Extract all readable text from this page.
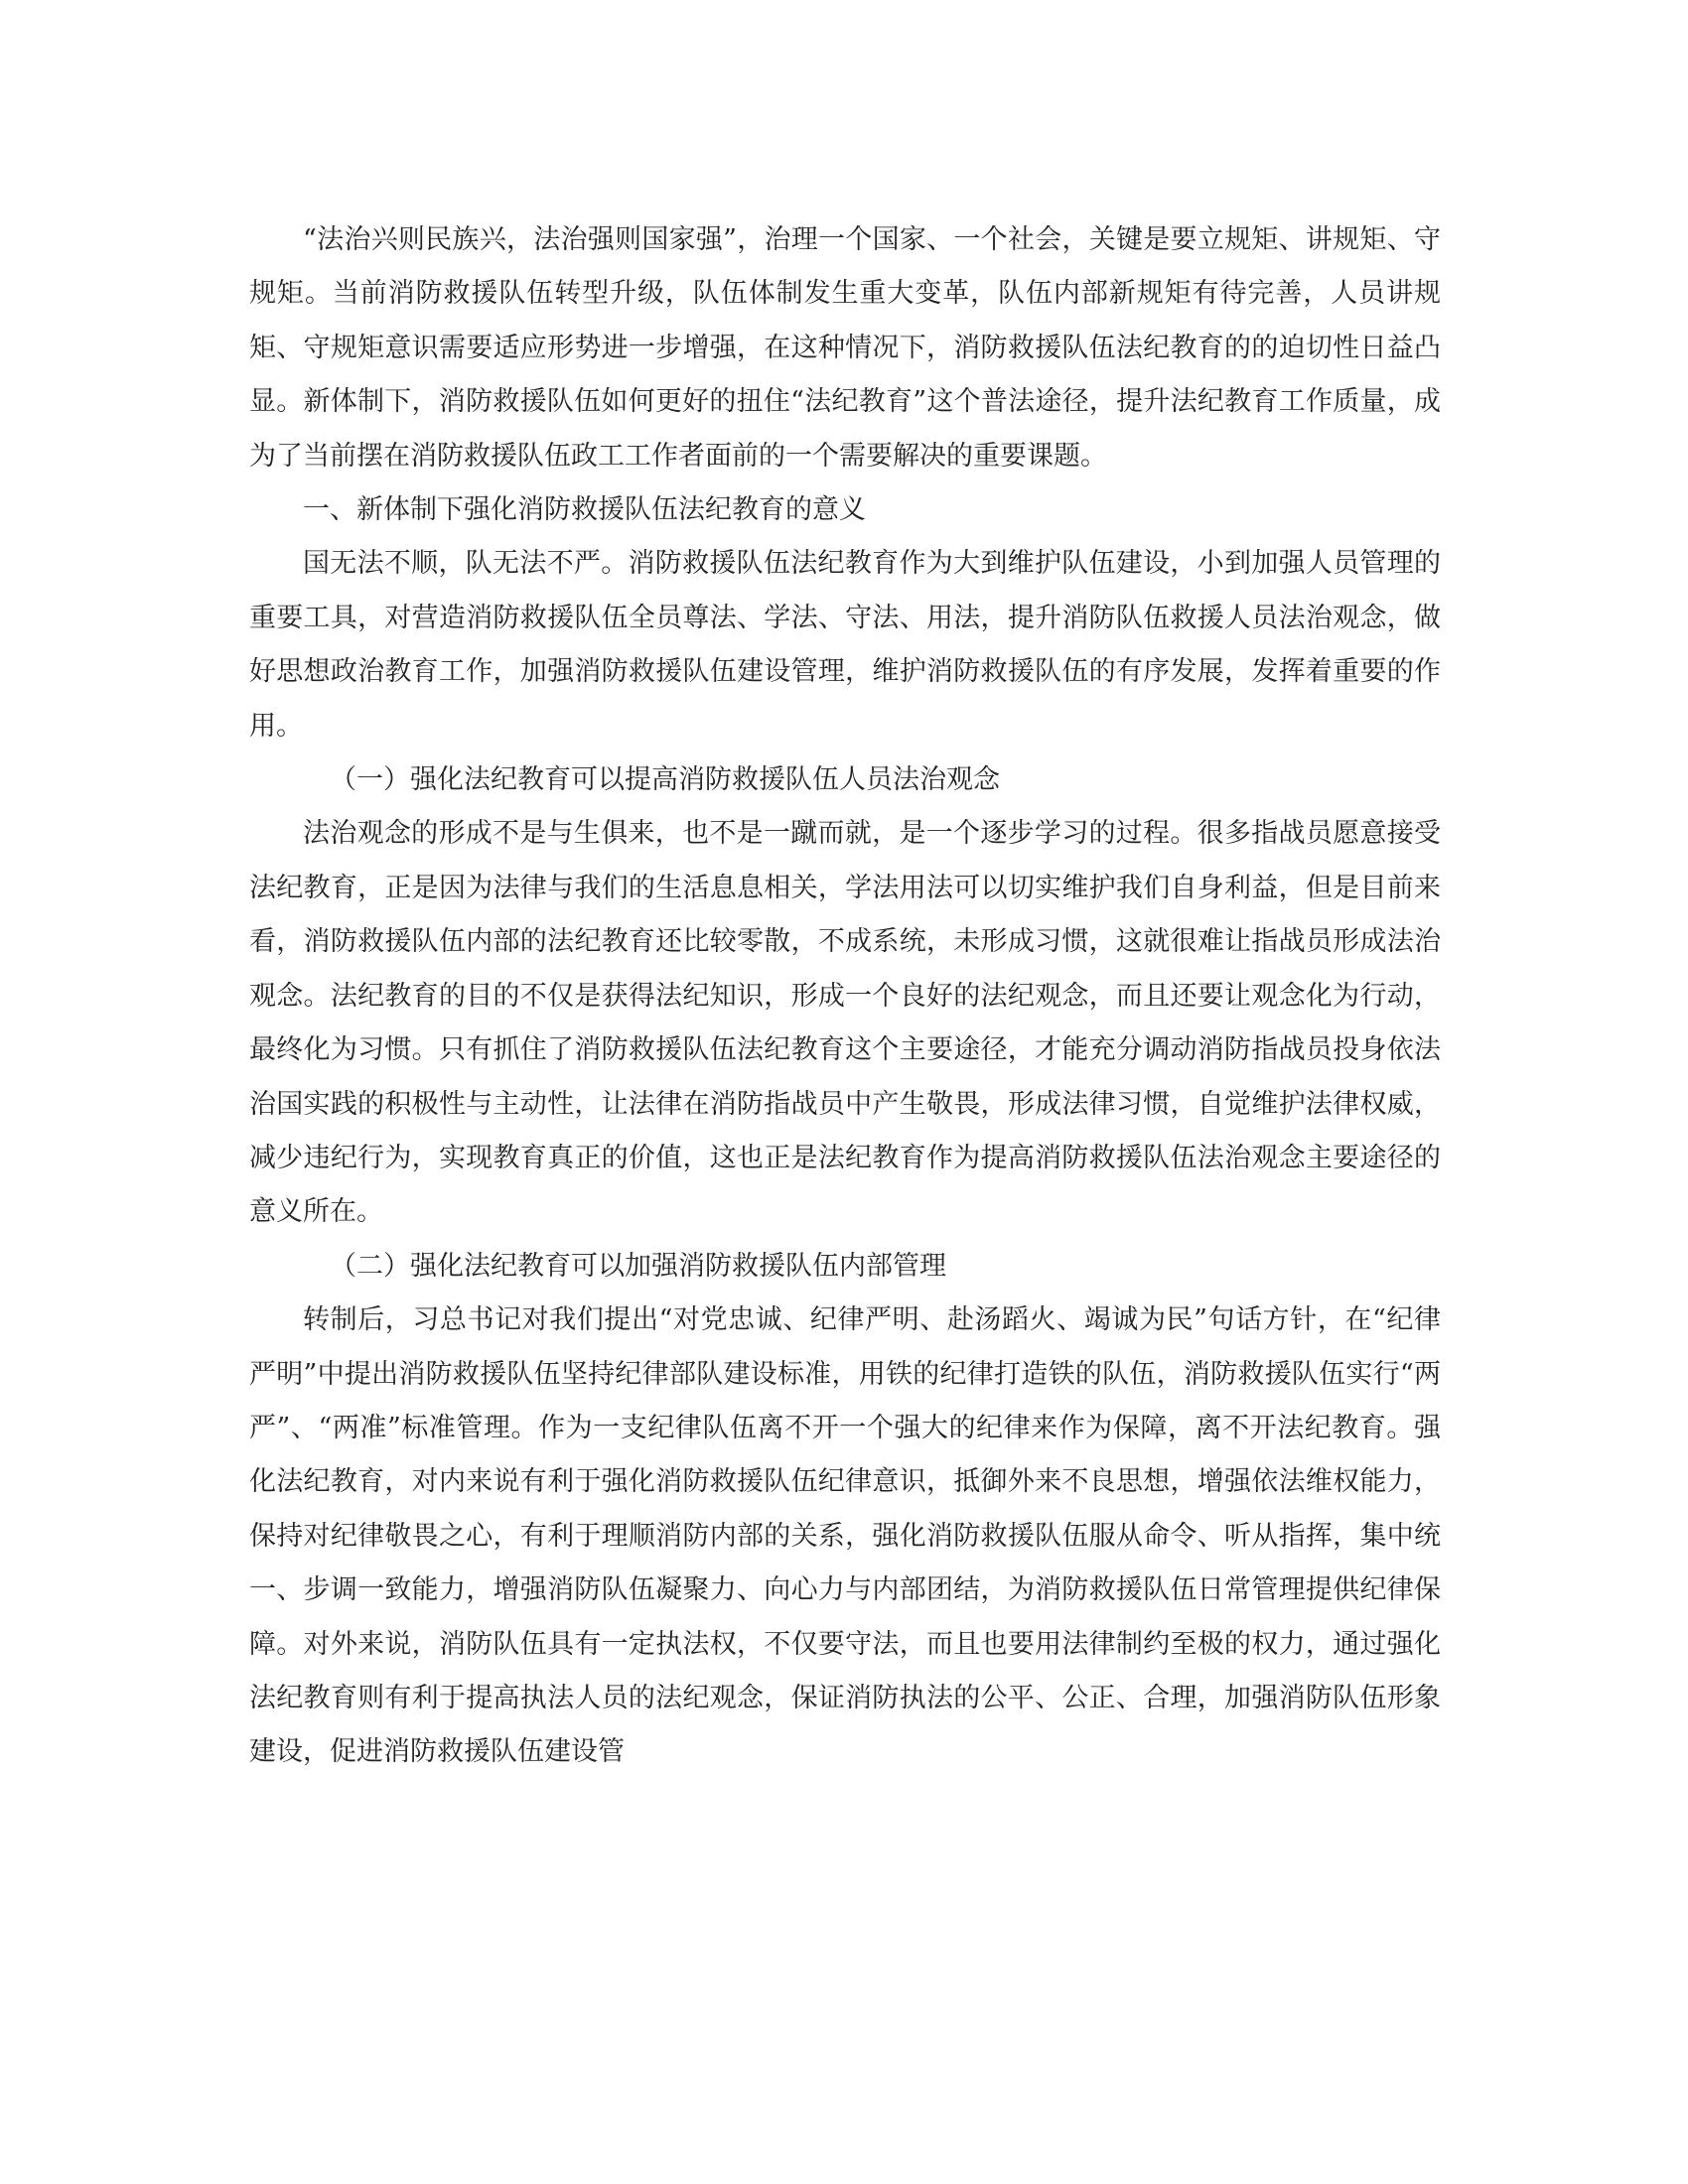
“法治兴则民族兴，法治强则国家强”，治理一个国家、一个社会，关键是要立规矩、讲规矩、守规矩。当前消防救援队伍转型升级，队伍体制发生重大变革，队伍内部新规矩有待完善，人员讲规矩、守规矩意识需要适应形势进一步增强，在这种情况下，消防救援队伍法纪教育的的迫切性日益凸显。新体制下，消防救援队伍如何更好的扭住“法纪教育”这个普法途径，提升法纪教育工作质量，成为了当前摆在消防救援队伍政工工作者面前的一个需要解决的重要课题。

一、新体制下强化消防救援队伍法纪教育的意义

国无法不顺，队无法不严。消防救援队伍法纪教育作为大到维护队伍建设，小到加强人员管理的重要工具，对营造消防救援队伍全员尊法、学法、守法、用法，提升消防队伍救援人员法治观念，做好思想政治教育工作，加强消防救援队伍建设管理，维护消防救援队伍的有序发展，发挥着重要的作用。

（一）强化法纪教育可以提高消防救援队伍人员法治观念

法治观念的形成不是与生俱来，也不是一蹴而就，是一个逐步学习的过程。很多指战员愿意接受法纪教育，正是因为法律与我们的生活息息相关，学法用法可以切实维护我们自身利益，但是目前来看，消防救援队伍内部的法纪教育还比较零散，不成系统，未形成习惯，这就很难让指战员形成法治观念。法纪教育的目的不仅是获得法纪知识，形成一个良好的法纪观念，而且还要让观念化为行动，最终化为习惯。只有抓住了消防救援队伍法纪教育这个主要途径，才能充分调动消防指战员投身依法治国实践的积极性与主动性，让法律在消防指战员中产生敬畏，形成法律习惯，自觉维护法律权威，减少违纪行为，实现教育真正的价值，这也正是法纪教育作为提高消防救援队伍法治观念主要途径的意义所在。

（二）强化法纪教育可以加强消防救援队伍内部管理

转制后，习总书记对我们提出“对党忠诚、纪律严明、赴汤蹈火、竭诚为民”句话方针，在“纪律严明”中提出消防救援队伍坚持纪律部队建设标准，用铁的纪律打造铁的队伍，消防救援队伍实行“两严”、“两准”标准管理。作为一支纪律队伍离不开一个强大的纪律来作为保障，离不开法纪教育。强化法纪教育，对内来说有利于强化消防救援队伍纪律意识，抵御外来不良思想，增强依法维权能力，保持对纪律敬畏之心，有利于理顺消防内部的关系，强化消防救援队伍服从命令、听从指挥，集中统一、步调一致能力，增强消防队伍凝聚力、向心力与内部团结，为消防救援队伍日常管理提供纪律保障。对外来说，消防队伍具有一定执法权，不仅要守法，而且也要用法律制约至极的权力，通过强化法纪教育则有利于提高执法人员的法纪观念，保证消防执法的公平、公正、合理，加强消防队伍形象建设，促进消防救援队伍建设管
